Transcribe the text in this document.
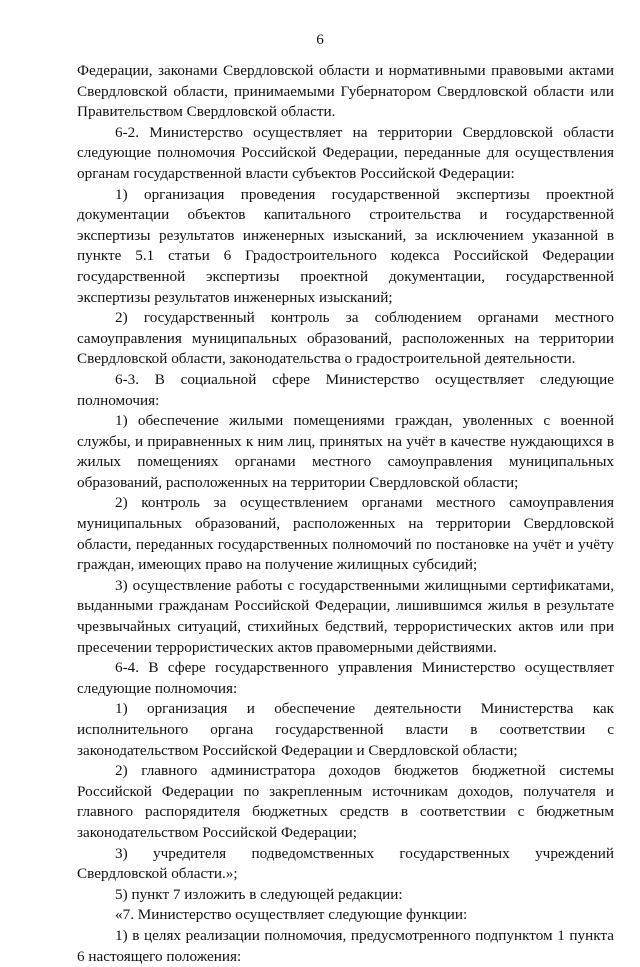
6

Федерации, законами Свердловской области и нормативными правовыми актами Свердловской области, принимаемыми Губернатором Свердловской области или Правительством Свердловской области.

6-2. Министерство осуществляет на территории Свердловской области следующие полномочия Российской Федерации, переданные для осуществления органам государственной власти субъектов Российской Федерации:

1) организация проведения государственной экспертизы проектной документации объектов капитального строительства и государственной экспертизы результатов инженерных изысканий, за исключением указанной в пункте 5.1 статьи 6 Градостроительного кодекса Российской Федерации государственной экспертизы проектной документации, государственной экспертизы результатов инженерных изысканий;

2) государственный контроль за соблюдением органами местного самоуправления муниципальных образований, расположенных на территории Свердловской области, законодательства о градостроительной деятельности.

6-3. В социальной сфере Министерство осуществляет следующие полномочия:

1) обеспечение жилыми помещениями граждан, уволенных с военной службы, и приравненных к ним лиц, принятых на учёт в качестве нуждающихся в жилых помещениях органами местного самоуправления муниципальных образований, расположенных на территории Свердловской области;

2) контроль за осуществлением органами местного самоуправления муниципальных образований, расположенных на территории Свердловской области, переданных государственных полномочий по постановке на учёт и учёту граждан, имеющих право на получение жилищных субсидий;

3) осуществление работы с государственными жилищными сертификатами, выданными гражданам Российской Федерации, лишившимся жилья в результате чрезвычайных ситуаций, стихийных бедствий, террористических актов или при пресечении террористических актов правомерными действиями.

6-4. В сфере государственного управления Министерство осуществляет следующие полномочия:

1) организация и обеспечение деятельности Министерства как исполнительного органа государственной власти в соответствии с законодательством Российской Федерации и Свердловской области;

2) главного администратора доходов бюджетов бюджетной системы Российской Федерации по закрепленным источникам доходов, получателя и главного распорядителя бюджетных средств в соответствии с бюджетным законодательством Российской Федерации;

3) учредителя подведомственных государственных учреждений Свердловской области.»;

5) пункт 7 изложить в следующей редакции:

«7. Министерство осуществляет следующие функции:

1) в целях реализации полномочия, предусмотренного подпунктом 1 пункта 6 настоящего положения:
